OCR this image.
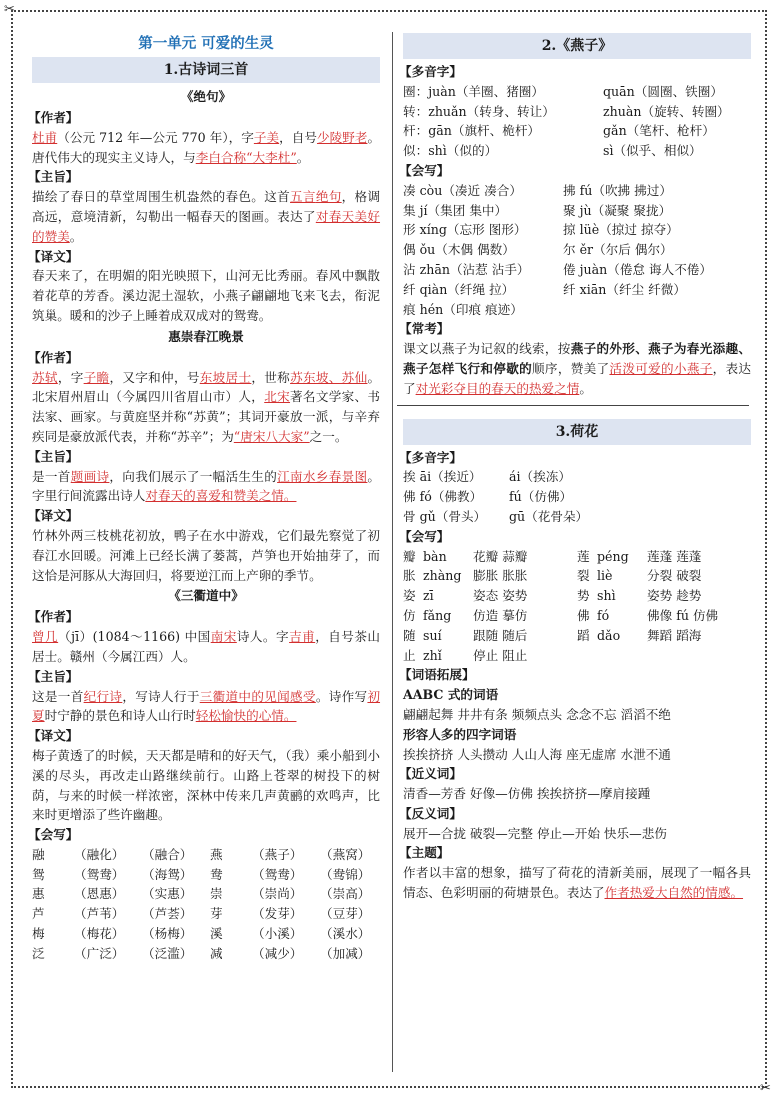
✂
✂
第一单元 可爱的生灵
1.古诗词三首
《绝句》
【作者】

杜甫（公元 712 年—公元 770 年），字子美，自号少陵野老。唐代伟大的现实主义诗人，与李白合称“大李杜”。

【主旨】

描绘了春日的草堂周围生机盎然的春色。这首五言绝句，格调高远，意境清新，勾勒出一幅春天的图画。表达了对春天美好的赞美。

【译文】

春天来了，在明媚的阳光映照下，山河无比秀丽。春风中飘散着花草的芳香。溪边泥土湿软，小燕子翩翩地飞来飞去，衔泥筑巢。暖和的沙子上睡着成双成对的鸳鸯。

惠崇春江晚景
【作者】

苏轼，字子瞻，又字和仲，号东坡居士，世称苏东坡、苏仙。北宋眉州眉山（今属四川省眉山市）人，北宋著名文学家、书法家、画家。与黄庭坚并称“苏黄”；其词开豪放一派，与辛弃疾同是豪放派代表，并称“苏辛”；为“唐宋八大家”之一。

【主旨】

是一首题画诗，向我们展示了一幅活生生的江南水乡春景图。字里行间流露出诗人对春天的喜爱和赞美之情。

【译文】

竹林外两三枝桃花初放，鸭子在水中游戏，它们最先察觉了初春江水回暖。河滩上已经长满了蒌蒿，芦笋也开始抽芽了，而这恰是河豚从大海回归，将要逆江而上产卵的季节。

《三衢道中》
【作者】

曾几（jī）(1084～1166) 中国南宋诗人。字吉甫，自号茶山居士。赣州（今属江西）人。

【主旨】

这是一首纪行诗，写诗人行于三衢道中的见闻感受。诗作写初夏时宁静的景色和诗人山行时轻松愉快的心情。

【译文】

梅子黄透了的时候，天天都是晴和的好天气，（我）乘小船到小溪的尽头，再改走山路继续前行。山路上苍翠的树投下的树荫，与来的时候一样浓密，深林中传来几声黄鹂的欢鸣声，比来时更增添了些许幽趣。

【会写】
融	（融化）	（融合）	燕	（燕子）	（燕窝）
鸳	（鸳鸯）	（海鸳）	鸯	（鸳鸯）	（鸯锦）
惠	（恩惠）	（实惠）	崇	（崇尚）	（崇高）
芦	（芦苇）	（芦荟）	芽	（发芽）	（豆芽）
梅	（梅花）	（杨梅）	溪	（小溪）	（溪水）
泛	（广泛）	（泛滥）	减	（减少）	（加减）
2.《燕子》
【多音字】
圈：juàn（羊圈、猪圈）	quān（圆圈、铁圈）
转：zhuǎn（转身、转让）	zhuàn（旋转、转圈）
杆：gān（旗杆、桅杆）	gǎn（笔杆、枪杆）
似：shì（似的）	sì（似乎、相似）
【会写】
凑 còu（凑近 凑合）	拂 fú（吹拂 拂过）
集 jí（集团 集中）	聚 jù（凝聚 聚拢）
形 xíng（忘形 图形）	掠 lüè（掠过 掠夺）
偶 ǒu（木偶 偶数）	尔 ěr（尔后 偶尔）
沾 zhān（沾惹 沾手）	倦 juàn（倦怠 诲人不倦）
纤 qiàn（纤绳 拉）	纤 xiān（纤尘 纤微）
痕 hén（印痕 痕迹）
【常考】

课文以燕子为记叙的线索，按燕子的外形、燕子为春光添趣、燕子怎样飞行和停歇的顺序，赞美了活泼可爱的小燕子，表达了对光彩夺目的春天的热爱之情。

3.荷花
【多音字】
挨 āi（挨近）	ái（挨冻）
佛 fó（佛教）	fú（仿佛）
骨 gǔ（骨头）	gū（花骨朵）
【会写】
瓣 bàn	花瓣 蒜瓣	莲 péng	莲蓬 莲蓬
胀 zhàng 膨胀 胀胀	裂 liè	分裂 破裂
姿 zī	姿态 姿势	势 shì	姿势 趁势
仿 fǎng	仿造 摹仿	佛 fó	佛像 fú 仿佛
随 suí	跟随 随后	蹈 dǎo	舞蹈 蹈海
止 zhǐ	停止 阻止
【词语拓展】
AABC 式的词语
翩翩起舞 井井有条 频频点头 念念不忘 滔滔不绝
形容人多的四字词语
挨挨挤挤 人头攒动 人山人海 座无虚席 水泄不通
【近义词】
清香—芳香 好像—仿佛 挨挨挤挤—摩肩接踵
【反义词】
展开—合拢 破裂—完整 停止—开始 快乐—悲伤
【主题】

作者以丰富的想象，描写了荷花的清新美丽，展现了一幅各具情态、色彩明丽的荷塘景色。表达了作者热爱大自然的情感。
